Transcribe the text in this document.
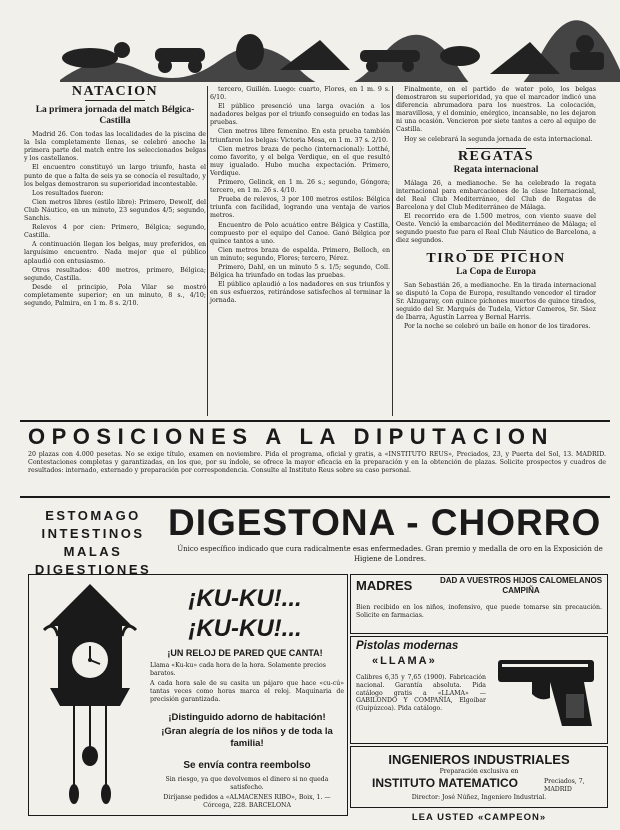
NATACION
La primera jornada del match Bélgica-Castilla

Madrid 26. Con todas las localidades de la piscina de la Isla completamente llenas, se celebró anoche la primera parte del match entre los seleccionados belgas y los castellanos.

El encuentro constituyó un largo triunfo, hasta el punto de que a falta de seis ya se conocía el resultado, y los belgas demostraron su superioridad incontestable.

Los resultados fueron:

Cien metros libres (estilo libre): Primero, Dewolf, del Club Náutico, en un minuto, 23 segundos 4/5; segundo, Sanchis.

Relevos 4 por cien: Primero, Bélgica; segundo, Castilla.

A continuación llegan los belgas, muy preferidos, en larguísimo encuentro. Nada mejor que el público aplaudió con entusiasmo.

Otros resultados: 400 metros, primero, Bélgica; segundo, Castilla.

Desde el principio, Pola Vilar se mostró completamente superior; en un minuto, 8 s., 4/10; segundo, Palmira, en 1 m. 8 s. 2/10.

tercero, Guillén. Luego: cuarto, Flores, en 1 m. 9 s. 6/10.

El público presenció una larga ovación a los nadadores belgas por el triunfo conseguido en todas las pruebas.

Cien metros libre femenino. En esta prueba también triunfaron los belgas: Victoria Mesa, en 1 m. 37 s. 2/10.

Cien metros braza de pecho (internacional): Lotthé, como favorito, y el belga Verdique, en el que resultó muy igualado. Hubo mucha expectación. Primero, Verdique.

Primero, Gelinck, en 1 m. 26 s.; segundo, Góngora; tercero, en 1 m. 26 s. 4/10.

Prueba de relevos, 3 por 100 metros estilos: Bélgica triunfa con facilidad, logrando una ventaja de varios metros.

Encuentro de Polo acuático entre Bélgica y Castilla, compuesto por el equipo del Canoe. Ganó Bélgica por quince tantos a uno.

Cien metros braza de espalda. Primero, Belloch, en un minuto; segundo, Flores; tercero, Pérez.

Primero, Dahl, en un minuto 5 s. 1/5; segundo, Coll. Bélgica ha triunfado en todas las pruebas.

El público aplaudió a los nadadores en sus triunfos y en sus esfuerzos, retirándose satisfechos al terminar la jornada.

Finalmente, en el partido de water polo, los belgas demostraron su superioridad, ya que el marcador indicó una diferencia abrumadora para los nuestros. La colocación, maravillosa, y el dominio, enérgico, incansable, no les dejaron ni una ocasión. Vencieron por siete tantos a cero al equipo de Castilla.

Hoy se celebrará la segunda jornada de esta internacional.

REGATAS
Regata internacional

Málaga 26, a medianoche. Se ha celebrado la regata internacional para embarcaciones de la clase Internacional, del Real Club Mediterráneo, del Club de Regatas de Barcelona y del Club Mediterráneo de Málaga.

El recorrido era de 1.500 metros, con viento suave del Oeste. Venció la embarcación del Mediterráneo de Málaga; el segundo puesto fue para el Real Club Náutico de Barcelona, a diez segundos.

TIRO DE PICHON
La Copa de Europa

San Sebastián 26, a medianoche. En la tirada internacional se disputó la Copa de Europa, resultando vencedor el tirador Sr. Alzugaray, con quince pichones muertos de quince tirados, seguido del Sr. Marqués de Tudela, Víctor Cameros, Sr. Sáez de Ibarra, Agustín Larrea y Bernal Harris.

Por la noche se celebró un baile en honor de los tiradores.

OPOSICIONES A LA DIPUTACION
20 plazas con 4.000 pesetas. No se exige título, examen en noviembre. Pida el programa, oficial y gratis, a «INSTITUTO REUS», Preciados, 23, y Puerta del Sol, 13. MADRID. Contestaciones completas y garantizadas, en los que, por su índole, se ofrece la mayor eficacia en la preparación y en la obtención de plazas. Solicite prospectos y cuadros de resultados: internado, externado y preparación por correspondencia. Consulte al Instituto Reus sobre su caso personal.
ESTOMAGO
INTESTINOS
MALAS DIGESTIONES
DIGESTONA - CHORRO
Único específico indicado que cura radicalmente esas enfermedades. Gran premio y medalla de oro en la Exposición de Higiene de Londres.
¡KU-KU!...
¡KU-KU!...
¡UN RELOJ DE PARED QUE CANTA!
Llama «Ku-ku» cada hora de la hora. Solamente precios baratos.
A cada hora sale de su casita un pájaro que hace «cu-cú» tantas veces como horas marca el reloj. Maquinaria de precisión garantizada.
¡Distinguido adorno de habitación!
¡Gran alegría de los niños y de toda la familia!
Se envía contra reembolso
Sin riesgo, ya que devolvemos el dinero si no queda satisfecho.
Diríjanse pedidos a «ALMACENES RIBO», Boix, 1. — Córcega, 228. BARCELONA
MADRES	DAD A VUESTROS HIJOS CALOMELANOS CAMPIÑA
Bien recibido en los niños, inofensivo, que puede tomarse sin precaución. Solicite en farmacias.
Pistolas modernas
«LLAMA»
Calibres 6,35 y 7,65 (1900). Fabricación nacional. Garantía absoluta. Pida catálogo gratis a «LLAMA» — GABILONDO Y COMPAÑÍA, Elgoibar (Guipúzcoa). Pida catálogo.
INGENIEROS INDUSTRIALES
Preparación exclusiva en
INSTITUTO MATEMATICO	Preciados, 7, MADRID
Director: José Núñez, Ingeniero Industrial.
LEA USTED «CAMPEON»
